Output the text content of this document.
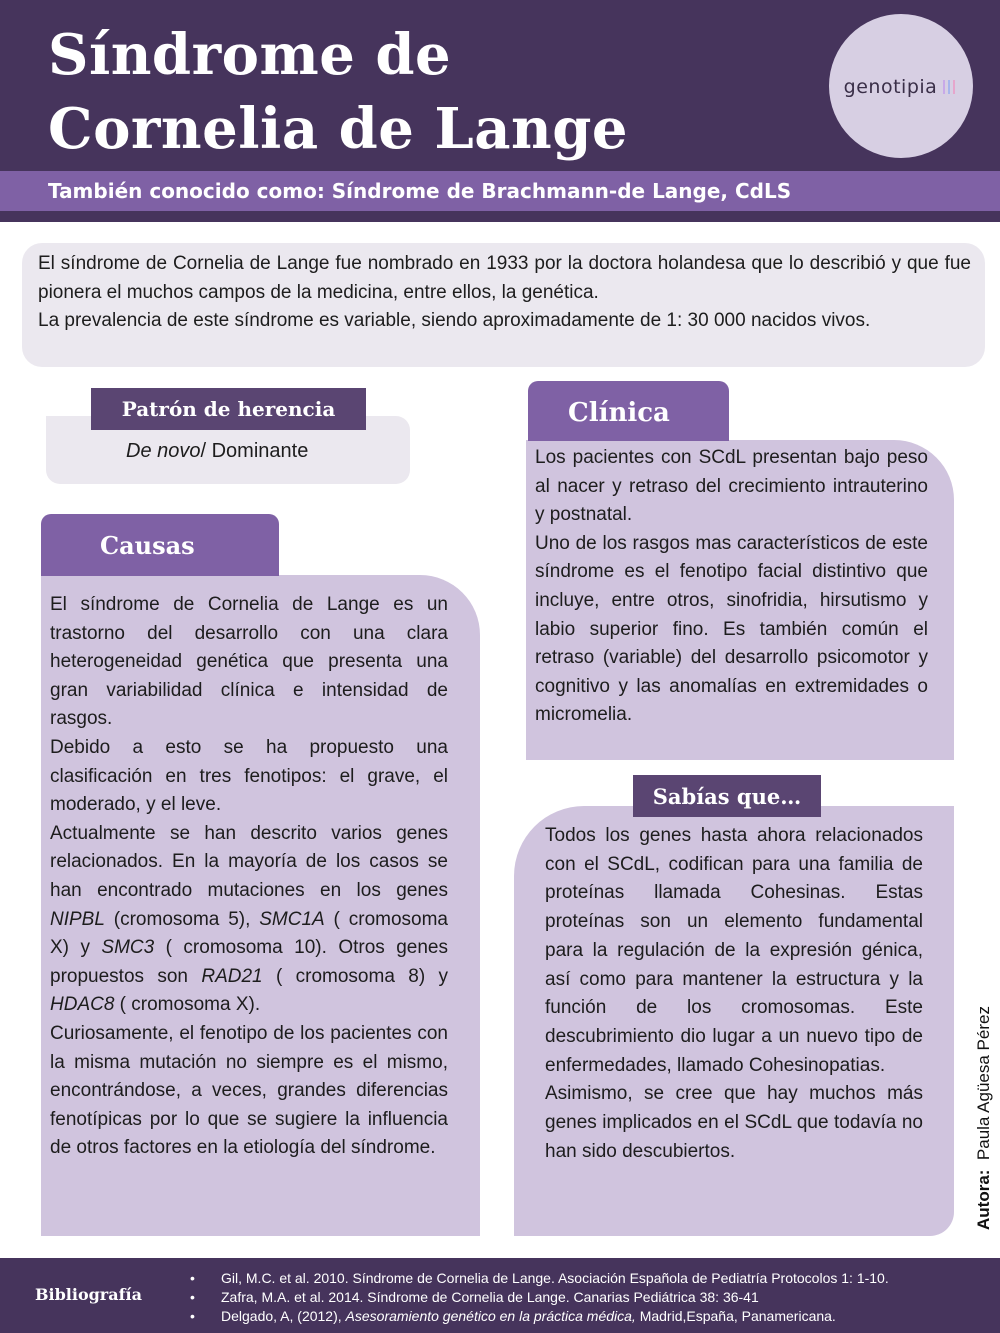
Síndrome de
Cornelia de Lange
genotipia
También conocido como: Síndrome de Brachmann-de Lange, CdLS

El síndrome de Cornelia de Lange fue nombrado en 1933 por la doctora holandesa que lo describió y que fue pionera el muchos campos de la medicina, entre ellos, la genética.

La prevalencia de este síndrome es variable, siendo aproximadamente de 1: 30 000 nacidos vivos.

Patrón de herencia
De novo/ Dominante
Causas

El síndrome de Cornelia de Lange es un trastorno del desarrollo con una clara heterogeneidad genética que presenta una gran variabilidad clínica e intensidad de rasgos.

Debido a esto se ha propuesto una clasificación en tres fenotipos: el grave, el moderado, y el leve.

Actualmente se han descrito varios genes relacionados. En la mayoría de los casos se han encontrado mutaciones en los genes NIPBL (cromosoma 5), SMC1A ( cromosoma X) y SMC3 ( cromosoma 10). Otros genes propuestos son RAD21 ( cromosoma 8) y HDAC8 ( cromosoma X).

Curiosamente, el fenotipo de los pacientes con la misma mutación no siempre es el mismo, encontrándose, a veces, grandes diferencias fenotípicas por lo que se sugiere la influencia de otros factores en la etiología del síndrome.

Clínica

Los pacientes con SCdL presentan bajo peso al nacer y retraso del crecimiento intrauterino y postnatal.

Uno de los rasgos mas característicos de este síndrome es el fenotipo facial distintivo que incluye, entre otros, sinofridia, hirsutismo y labio superior fino. Es también común el retraso (variable) del desarrollo psicomotor y cognitivo y las anomalías en extremidades o micromelia.

Sabías que…

Todos los genes hasta ahora relacionados con el SCdL, codifican para una familia de proteínas llamada Cohesinas. Estas proteínas son un elemento fundamental para la regulación de la expresión génica, así como para mantener la estructura y la función de los cromosomas. Este descubrimiento dio lugar a un nuevo tipo de enfermedades, llamado Cohesinopatias.

Asimismo, se cree que hay muchos más genes implicados en el SCdL que todavía no han sido descubiertos.

Autora:  Paula Agüesa Pérez
Bibliografía
• Gil, M.C. et al. 2010. Síndrome de Cornelia de Lange. Asociación Española de Pediatría Protocolos 1: 1-10.
• Zafra, M.A. et al. 2014. Síndrome de Cornelia de Lange. Canarias Pediátrica 38: 36-41
• Delgado, A, (2012), Asesoramiento genético en la práctica médica, Madrid,España, Panamericana.
